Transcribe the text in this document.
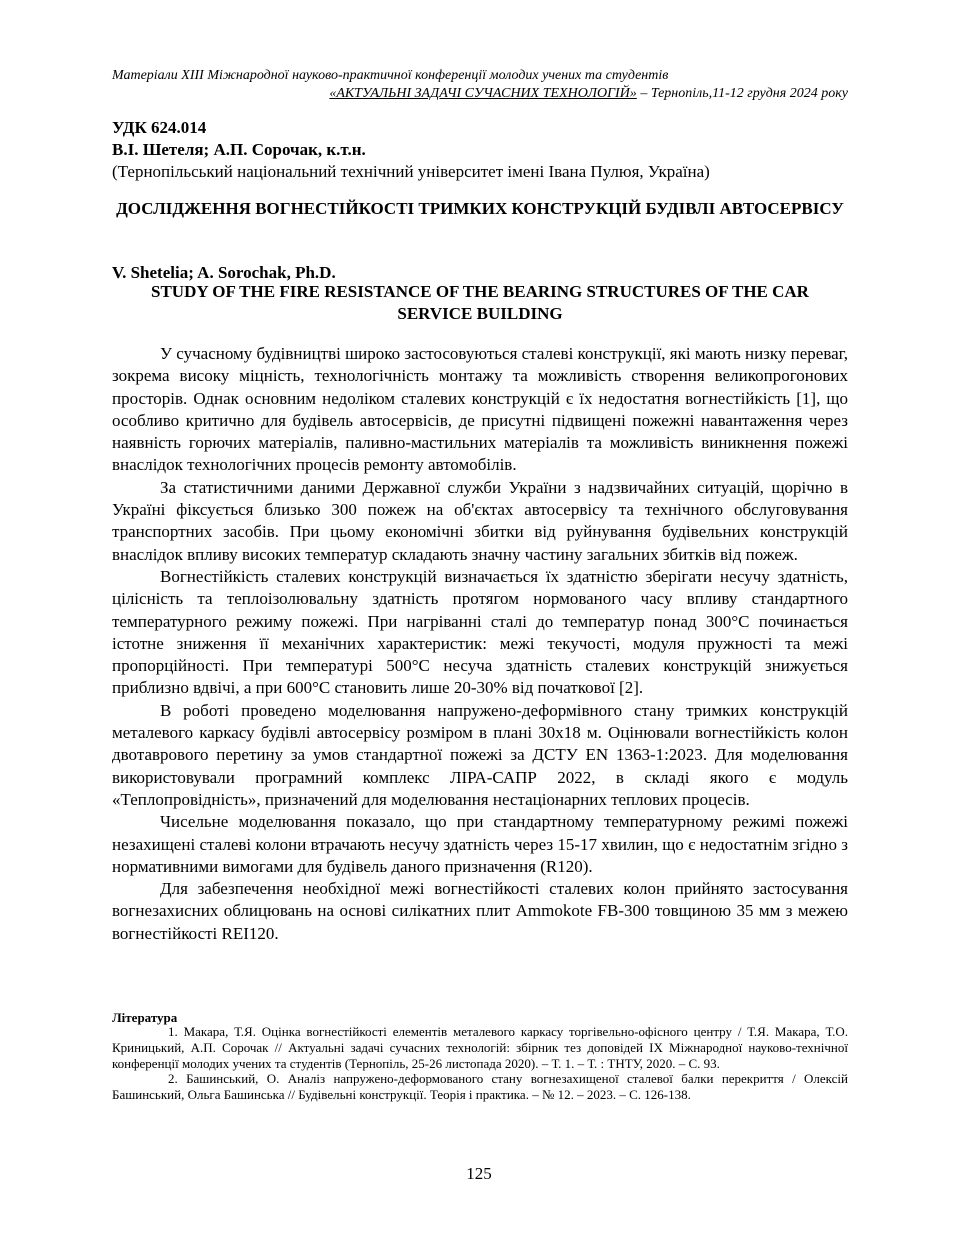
Матеріали XIII Міжнародної науково-практичної конференції молодих учених та студентів
«АКТУАЛЬНІ ЗАДАЧІ СУЧАСНИХ ТЕХНОЛОГІЙ» – Тернопіль,11-12 грудня 2024 року
УДК 624.014
В.І. Шетеля; А.П. Сорочак, к.т.н.
(Тернопільський національний технічний університет імені Івана Пулюя, Україна)
ДОСЛІДЖЕННЯ ВОГНЕСТІЙКОСТІ ТРИМКИХ КОНСТРУКЦІЙ БУДІВЛІ АВТОСЕРВІСУ
V. Shetelia; A. Sorochak, Ph.D.
STUDY OF THE FIRE RESISTANCE OF THE BEARING STRUCTURES OF THE CAR SERVICE BUILDING

У сучасному будівництві широко застосовуються сталеві конструкції, які мають низку переваг, зокрема високу міцність, технологічність монтажу та можливість створення великопрогонових просторів. Однак основним недоліком сталевих конструкцій є їх недостатня вогнестійкість [1], що особливо критично для будівель автосервісів, де присутні підвищені пожежні навантаження через наявність горючих матеріалів, паливно-мастильних матеріалів та можливість виникнення пожежі внаслідок технологічних процесів ремонту автомобілів.

За статистичними даними Державної служби України з надзвичайних ситуацій, щорічно в Україні фіксується близько 300 пожеж на об'єктах автосервісу та технічного обслуговування транспортних засобів. При цьому економічні збитки від руйнування будівельних конструкцій внаслідок впливу високих температур складають значну частину загальних збитків від пожеж.

Вогнестійкість сталевих конструкцій визначається їх здатністю зберігати несучу здатність, цілісність та теплоізолювальну здатність протягом нормованого часу впливу стандартного температурного режиму пожежі. При нагріванні сталі до температур понад 300°С починається істотне зниження її механічних характеристик: межі текучості, модуля пружності та межі пропорційності. При температурі 500°С несуча здатність сталевих конструкцій знижується приблизно вдвічі, а при 600°С становить лише 20-30% від початкової [2].

В роботі проведено моделювання напружено-деформівного стану тримких конструкцій металевого каркасу будівлі автосервісу розміром в плані 30х18 м. Оцінювали вогнестійкість колон двотаврового перетину за умов стандартної пожежі за ДСТУ EN 1363-1:2023. Для моделювання використовували програмний комплекс ЛІРА-САПР 2022, в складі якого є модуль «Теплопровідність», призначений для моделювання нестаціонарних теплових процесів.

Чисельне моделювання показало, що при стандартному температурному режимі пожежі незахищені сталеві колони втрачають несучу здатність через 15-17 хвилин, що є недостатнім згідно з нормативними вимогами для будівель даного призначення (R120).

Для забезпечення необхідної межі вогнестійкості сталевих колон прийнято застосування вогнезахисних облицювань на основі силікатних плит Ammokote FB-300 товщиною 35 мм з межею вогнестійкості REI120.

Література

1. Макара, Т.Я. Оцінка вогнестійкості елементів металевого каркасу торгівельно-офісного центру / Т.Я. Макара, Т.О. Криницький, А.П. Сорочак // Актуальні задачі сучасних технологій: збірник тез доповідей IX Міжнародної науково-технічної конференції молодих учених та студентів (Тернопіль, 25-26 листопада 2020). – Т. 1. – Т. : ТНТУ, 2020. – С. 93.

2. Башинський, О. Аналіз напружено-деформованого стану вогнезахищеної сталевої балки перекриття / Олексій Башинський, Ольга Башинська // Будівельні конструкції. Теорія і практика. – № 12. – 2023. – С. 126-138.

125
